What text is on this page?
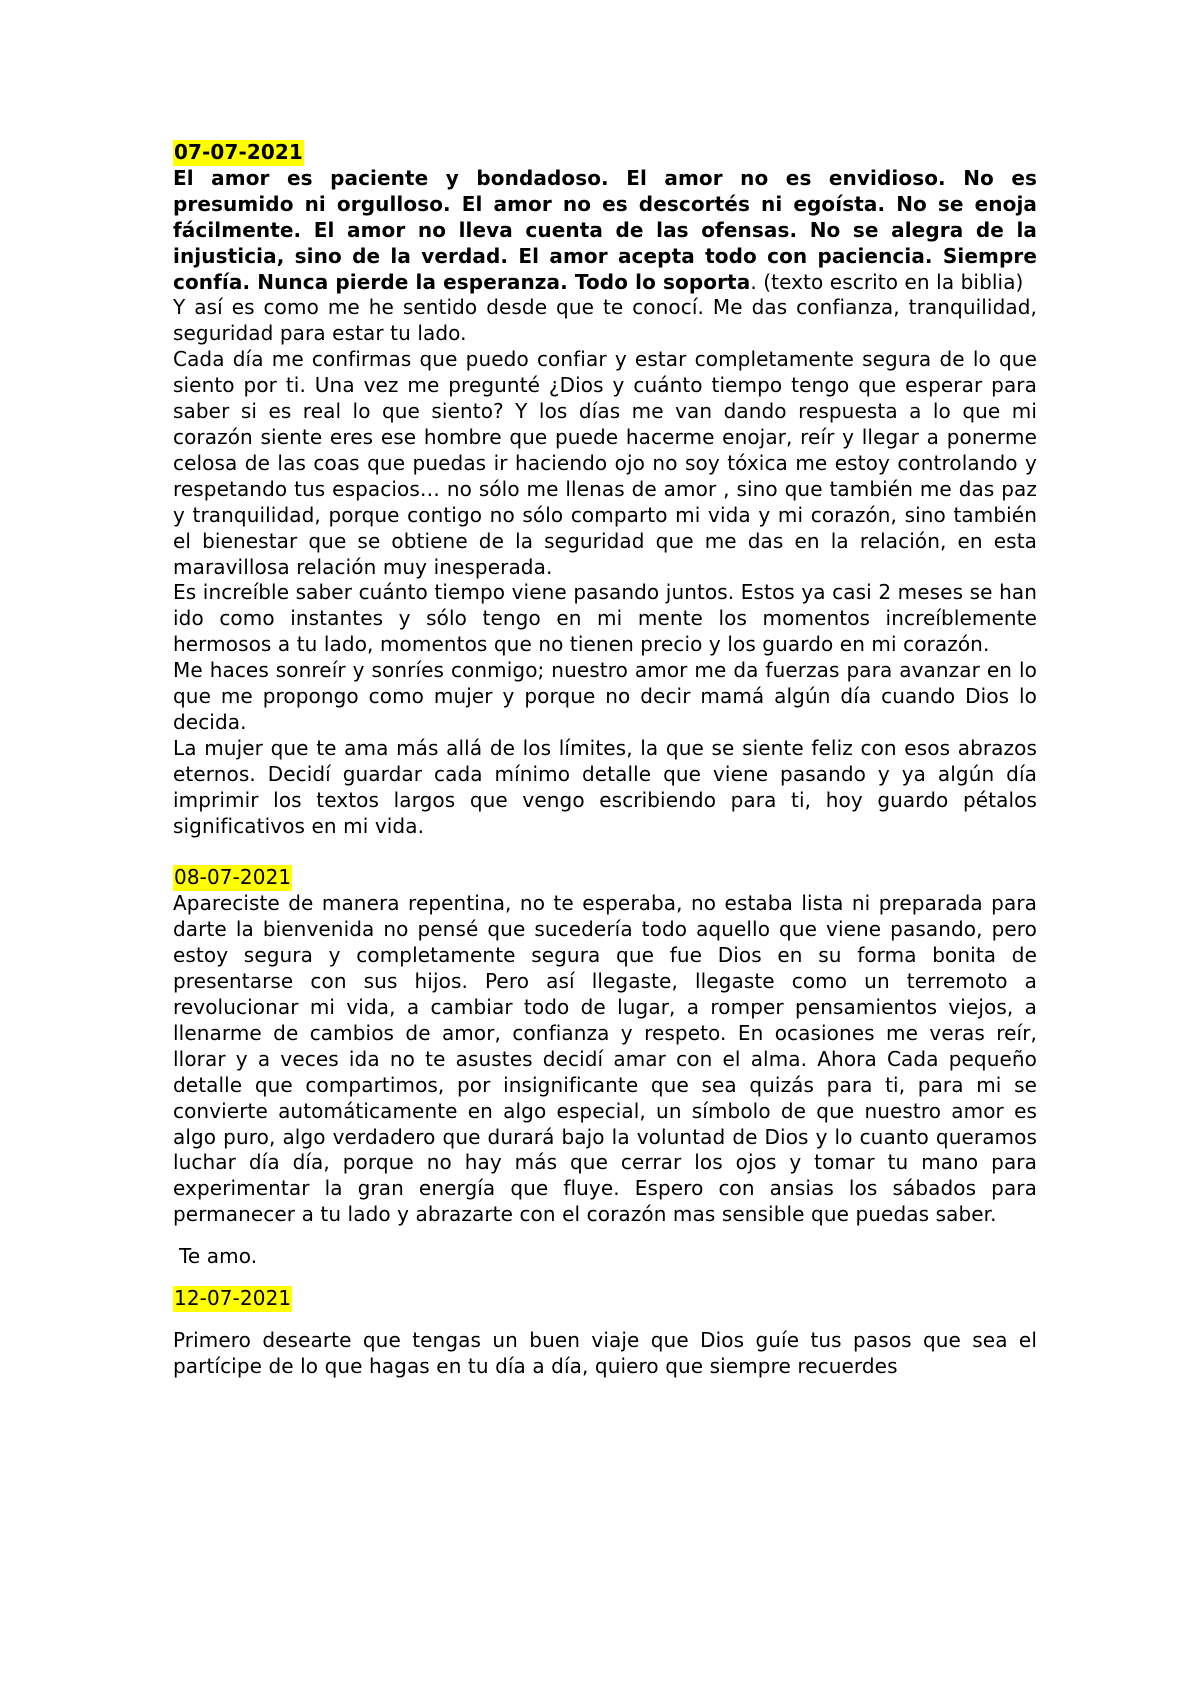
07-07-2021

El amor es paciente y bondadoso. El amor no es envidioso. No es presumido ni orgulloso. El amor no es descortés ni egoísta. No se enoja fácilmente. El amor no lleva cuenta de las ofensas. No se alegra de la injusticia, sino de la verdad. El amor acepta todo con paciencia. Siempre confía. Nunca pierde la esperanza. Todo lo soporta. (texto escrito en la biblia)

Y así es como me he sentido desde que te conocí. Me das confianza, tranquilidad, seguridad para estar tu lado.

Cada día me confirmas que puedo confiar y estar completamente segura de lo que siento por ti. Una vez me pregunté ¿Dios y cuánto tiempo tengo que esperar para saber si es real lo que siento? Y los días me van dando respuesta a lo que mi corazón siente eres ese hombre que puede hacerme enojar, reír y llegar a ponerme celosa de las coas que puedas ir haciendo ojo no soy tóxica me estoy controlando y respetando tus espacios… no sólo me llenas de amor , sino que también me das paz y tranquilidad, porque contigo no sólo comparto mi vida y mi corazón, sino también el bienestar que se obtiene de la seguridad que me das en la relación, en esta maravillosa relación muy inesperada.

Es increíble saber cuánto tiempo viene pasando juntos. Estos ya casi 2 meses se han ido como instantes y sólo tengo en mi mente los momentos increíblemente hermosos a tu lado, momentos que no tienen precio y los guardo en mi corazón.

Me haces sonreír y sonríes conmigo; nuestro amor me da fuerzas para avanzar en lo que me propongo como mujer y porque no decir mamá algún día cuando Dios lo decida.

La mujer que te ama más allá de los límites, la que se siente feliz con esos abrazos eternos. Decidí guardar cada mínimo detalle que viene pasando y ya algún día imprimir los textos largos que vengo escribiendo para ti, hoy guardo pétalos significativos en mi vida.

08-07-2021

Apareciste de manera repentina, no te esperaba, no estaba lista ni preparada para darte la bienvenida no pensé que sucedería todo aquello que viene pasando, pero estoy segura y completamente segura que fue Dios en su forma bonita de presentarse con sus hijos. Pero así llegaste, llegaste como un terremoto a revolucionar mi vida, a cambiar todo de lugar, a romper pensamientos viejos, a llenarme de cambios de amor, confianza y respeto. En ocasiones me veras reír, llorar y a veces ida no te asustes decidí amar con el alma. Ahora Cada pequeño detalle que compartimos, por insignificante que sea quizás para ti, para mi se convierte automáticamente en algo especial, un símbolo de que nuestro amor es algo puro, algo verdadero que durará bajo la voluntad de Dios y lo cuanto queramos luchar día día, porque no hay más que cerrar los ojos y tomar tu mano para experimentar la gran energía que fluye. Espero con ansias los sábados para permanecer a tu lado y abrazarte con el corazón mas sensible que puedas saber.

Te amo.

12-07-2021

Primero desearte que tengas un buen viaje que Dios guíe tus pasos que sea el partícipe de lo que hagas en tu día a día, quiero que siempre recuerdes
